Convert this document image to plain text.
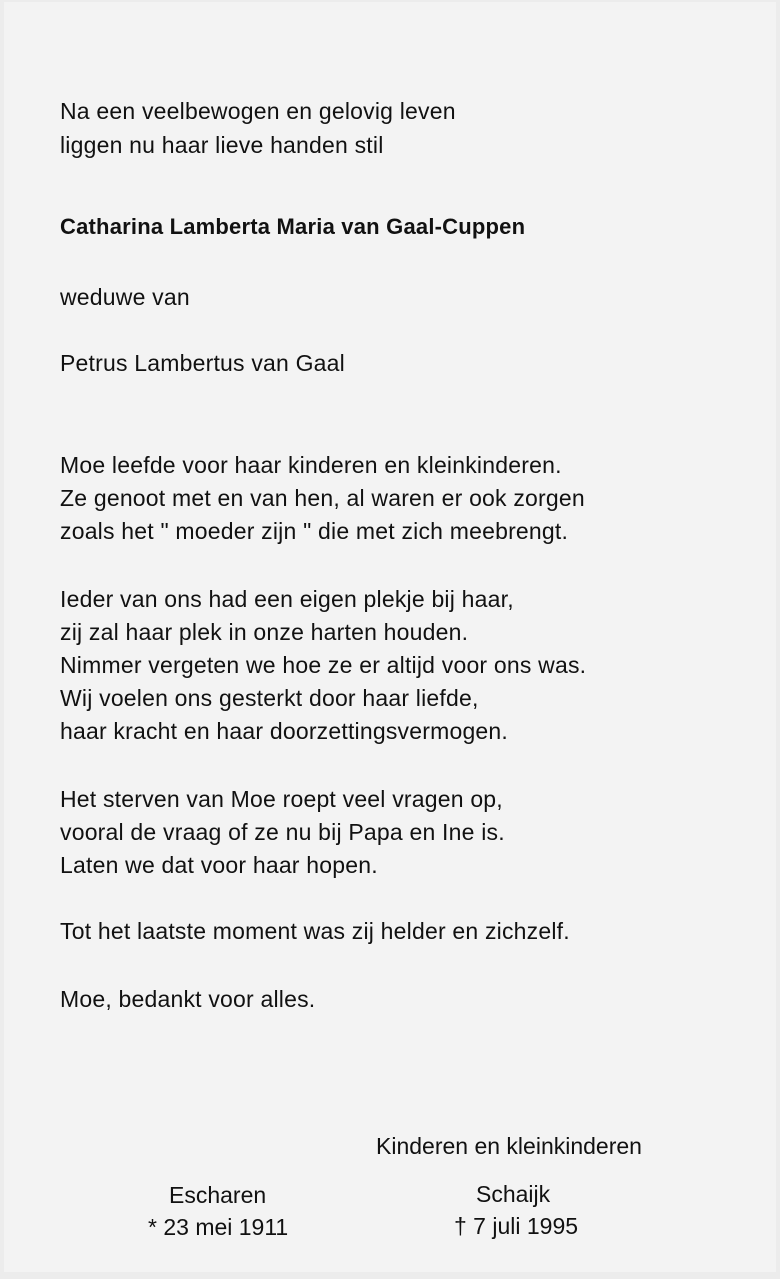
Na een veelbewogen en gelovig leven
liggen nu haar lieve handen stil
Catharina Lamberta Maria van Gaal-Cuppen
weduwe van
Petrus Lambertus van Gaal
Moe leefde voor haar kinderen en kleinkinderen.
Ze genoot met en van hen, al waren er ook zorgen
zoals het " moeder zijn " die met zich meebrengt.
Ieder van ons had een eigen plekje bij haar,
zij zal haar plek in onze harten houden.
Nimmer vergeten we hoe ze er altijd voor ons was.
Wij voelen ons gesterkt door haar liefde,
haar kracht en haar doorzettingsvermogen.
Het sterven van Moe roept veel vragen op,
vooral de vraag of ze nu bij Papa en Ine is.
Laten we dat voor haar hopen.
Tot het laatste moment was zij helder en zichzelf.
Moe, bedankt voor alles.
Kinderen en kleinkinderen
Escharen
* 23 mei 1911
Schaijk
† 7 juli 1995
